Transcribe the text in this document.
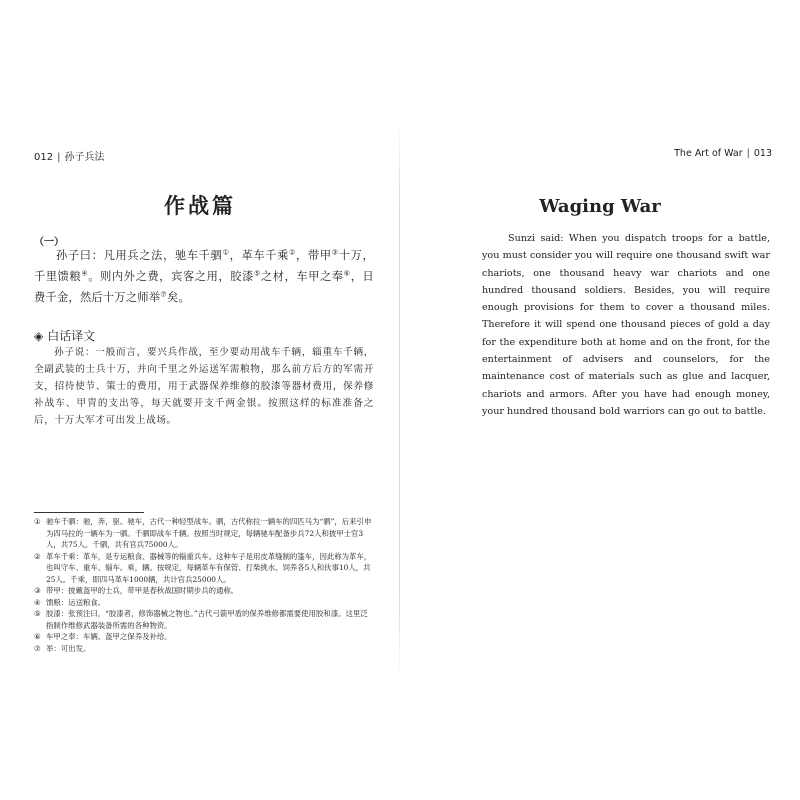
012 | 孙子兵法
作战篇
（一）
孙子曰：凡用兵之法，驰车千驷①，革车千乘②，带甲③十万，千里馈粮④。则内外之费，宾客之用，胶漆⑤之材，车甲之奉⑥，日费千金，然后十万之师举⑦矣。
◈ 白话译文
孙子说：一般而言，要兴兵作战，至少要动用战车千辆，辎重车千辆，全副武装的士兵十万，并向千里之外运送军需粮物，那么前方后方的军需开支，招待使节、策士的费用，用于武器保养维修的胶漆等器材费用，保养修补战车、甲胄的支出等，每天就要开支千两金银。按照这样的标准准备之后，十万大军才可出发上战场。
① 驰车千驷：驰，奔，驱。驰车，古代一种轻型战车。驷，古代称拉一辆车的四匹马为“驷”，后来引申为四马拉的一辆车为一驷。千驷即战车千辆。按照当时规定，每辆驰车配备步兵72人和披甲士官3人，共75人。千驷，共有官兵75000人。
② 革车千乘：革车，是专运粮食、器械等的辎重兵车。这种车子是用皮革缝制的篷车，因此称为革车，也叫守车、重车、辎车。乘，辆。按规定，每辆革车有保管、打柴挑水、饲养各5人和伙事10人，共25人。千乘，即四马革车1000辆，共计官兵25000人。
③ 带甲：披戴盔甲的士兵，带甲是春秋战国时期步兵的通称。
④ 馈粮：运送粮食。
⑤ 胶漆：张预注曰，“胶漆者，修饰器械之物也。”古代弓箭甲盾的保养维修都需要使用胶和漆。这里泛指制作维修武器装备所需的各种物资。
⑥ 车甲之奉：车辆、盔甲之保养及补给。
⑦ 举：可出发。
The Art of War | 013
Waging War
Sunzi said: When you dispatch troops for a battle, you must consider you will require one thousand swift war chariots, one thousand heavy war chariots and one hundred thousand soldiers. Besides, you will require enough provisions for them to cover a thousand miles. Therefore it will spend one thousand pieces of gold a day for the expenditure both at home and on the front, for the entertainment of advisers and counselors, for the maintenance cost of materials such as glue and lacquer, chariots and armors. After you have had enough money, your hundred thousand bold warriors can go out to battle.
